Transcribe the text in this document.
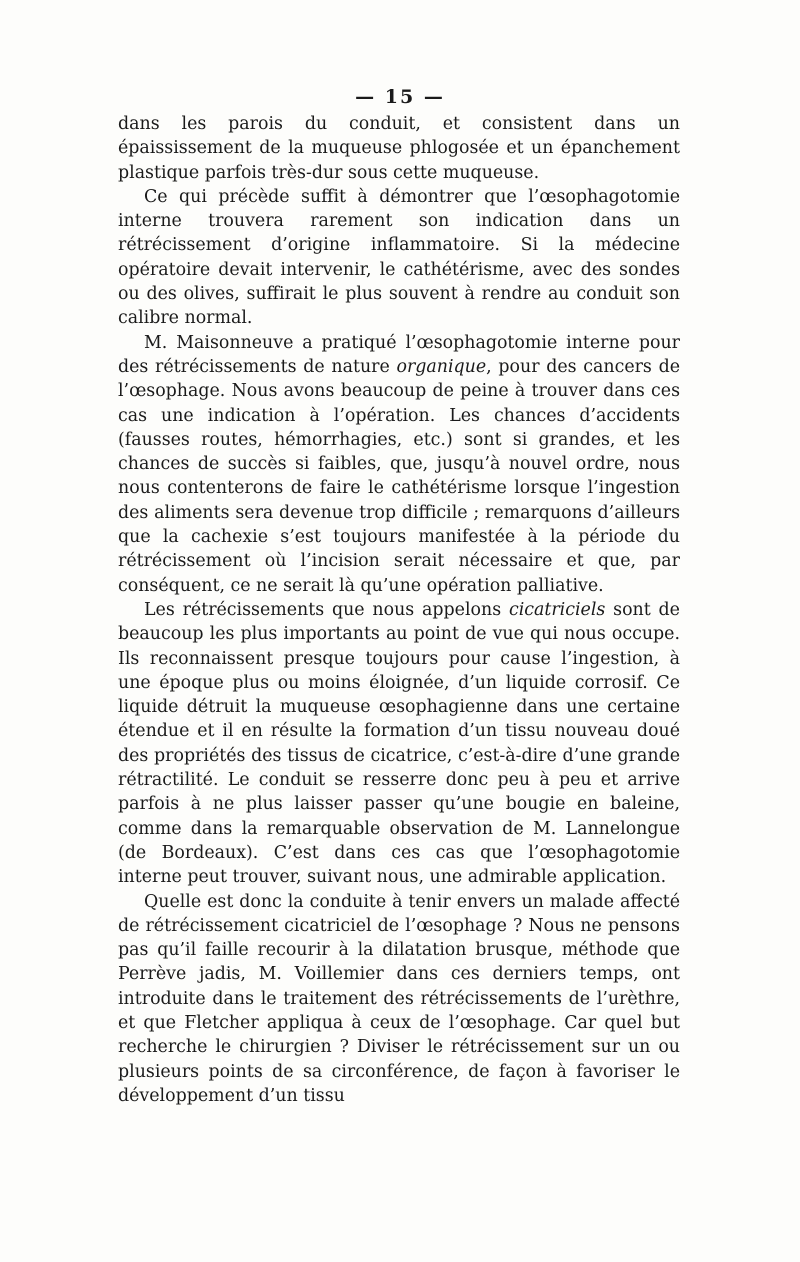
— 15 —

dans les parois du conduit, et consistent dans un épaississement de la muqueuse phlogosée et un épanchement plastique parfois très-dur sous cette muqueuse.

Ce qui précède suffit à démontrer que l’œsophagotomie interne trouvera rarement son indication dans un rétrécissement d’origine inflammatoire. Si la médecine opératoire devait intervenir, le cathétérisme, avec des sondes ou des olives, suffirait le plus souvent à rendre au conduit son calibre normal.

M. Maisonneuve a pratiqué l’œsophagotomie interne pour des rétrécissements de nature organique, pour des cancers de l’œsophage. Nous avons beaucoup de peine à trouver dans ces cas une indication à l’opération. Les chances d’accidents (fausses routes, hémorrhagies, etc.) sont si grandes, et les chances de succès si faibles, que, jusqu’à nouvel ordre, nous nous contenterons de faire le cathétérisme lorsque l’ingestion des aliments sera devenue trop difficile ; remarquons d’ailleurs que la cachexie s’est toujours manifestée à la période du rétrécissement où l’incision serait nécessaire et que, par conséquent, ce ne serait là qu’une opération palliative.

Les rétrécissements que nous appelons cicatriciels sont de beaucoup les plus importants au point de vue qui nous occupe. Ils reconnaissent presque toujours pour cause l’ingestion, à une époque plus ou moins éloignée, d’un liquide corrosif. Ce liquide détruit la muqueuse œsophagienne dans une certaine étendue et il en résulte la formation d’un tissu nouveau doué des propriétés des tissus de cicatrice, c’est-à-dire d’une grande rétractilité. Le conduit se resserre donc peu à peu et arrive parfois à ne plus laisser passer qu’une bougie en baleine, comme dans la remarquable observation de M. Lannelongue (de Bordeaux). C’est dans ces cas que l’œsophagotomie interne peut trouver, suivant nous, une admirable application.

Quelle est donc la conduite à tenir envers un malade affecté de rétrécissement cicatriciel de l’œsophage ? Nous ne pensons pas qu’il faille recourir à la dilatation brusque, méthode que Perrève jadis, M. Voillemier dans ces derniers temps, ont introduite dans le traitement des rétrécissements de l’urèthre, et que Fletcher appliqua à ceux de l’œsophage. Car quel but recherche le chirurgien ? Diviser le rétrécissement sur un ou plusieurs points de sa circonférence, de façon à favoriser le développement d’un tissu
